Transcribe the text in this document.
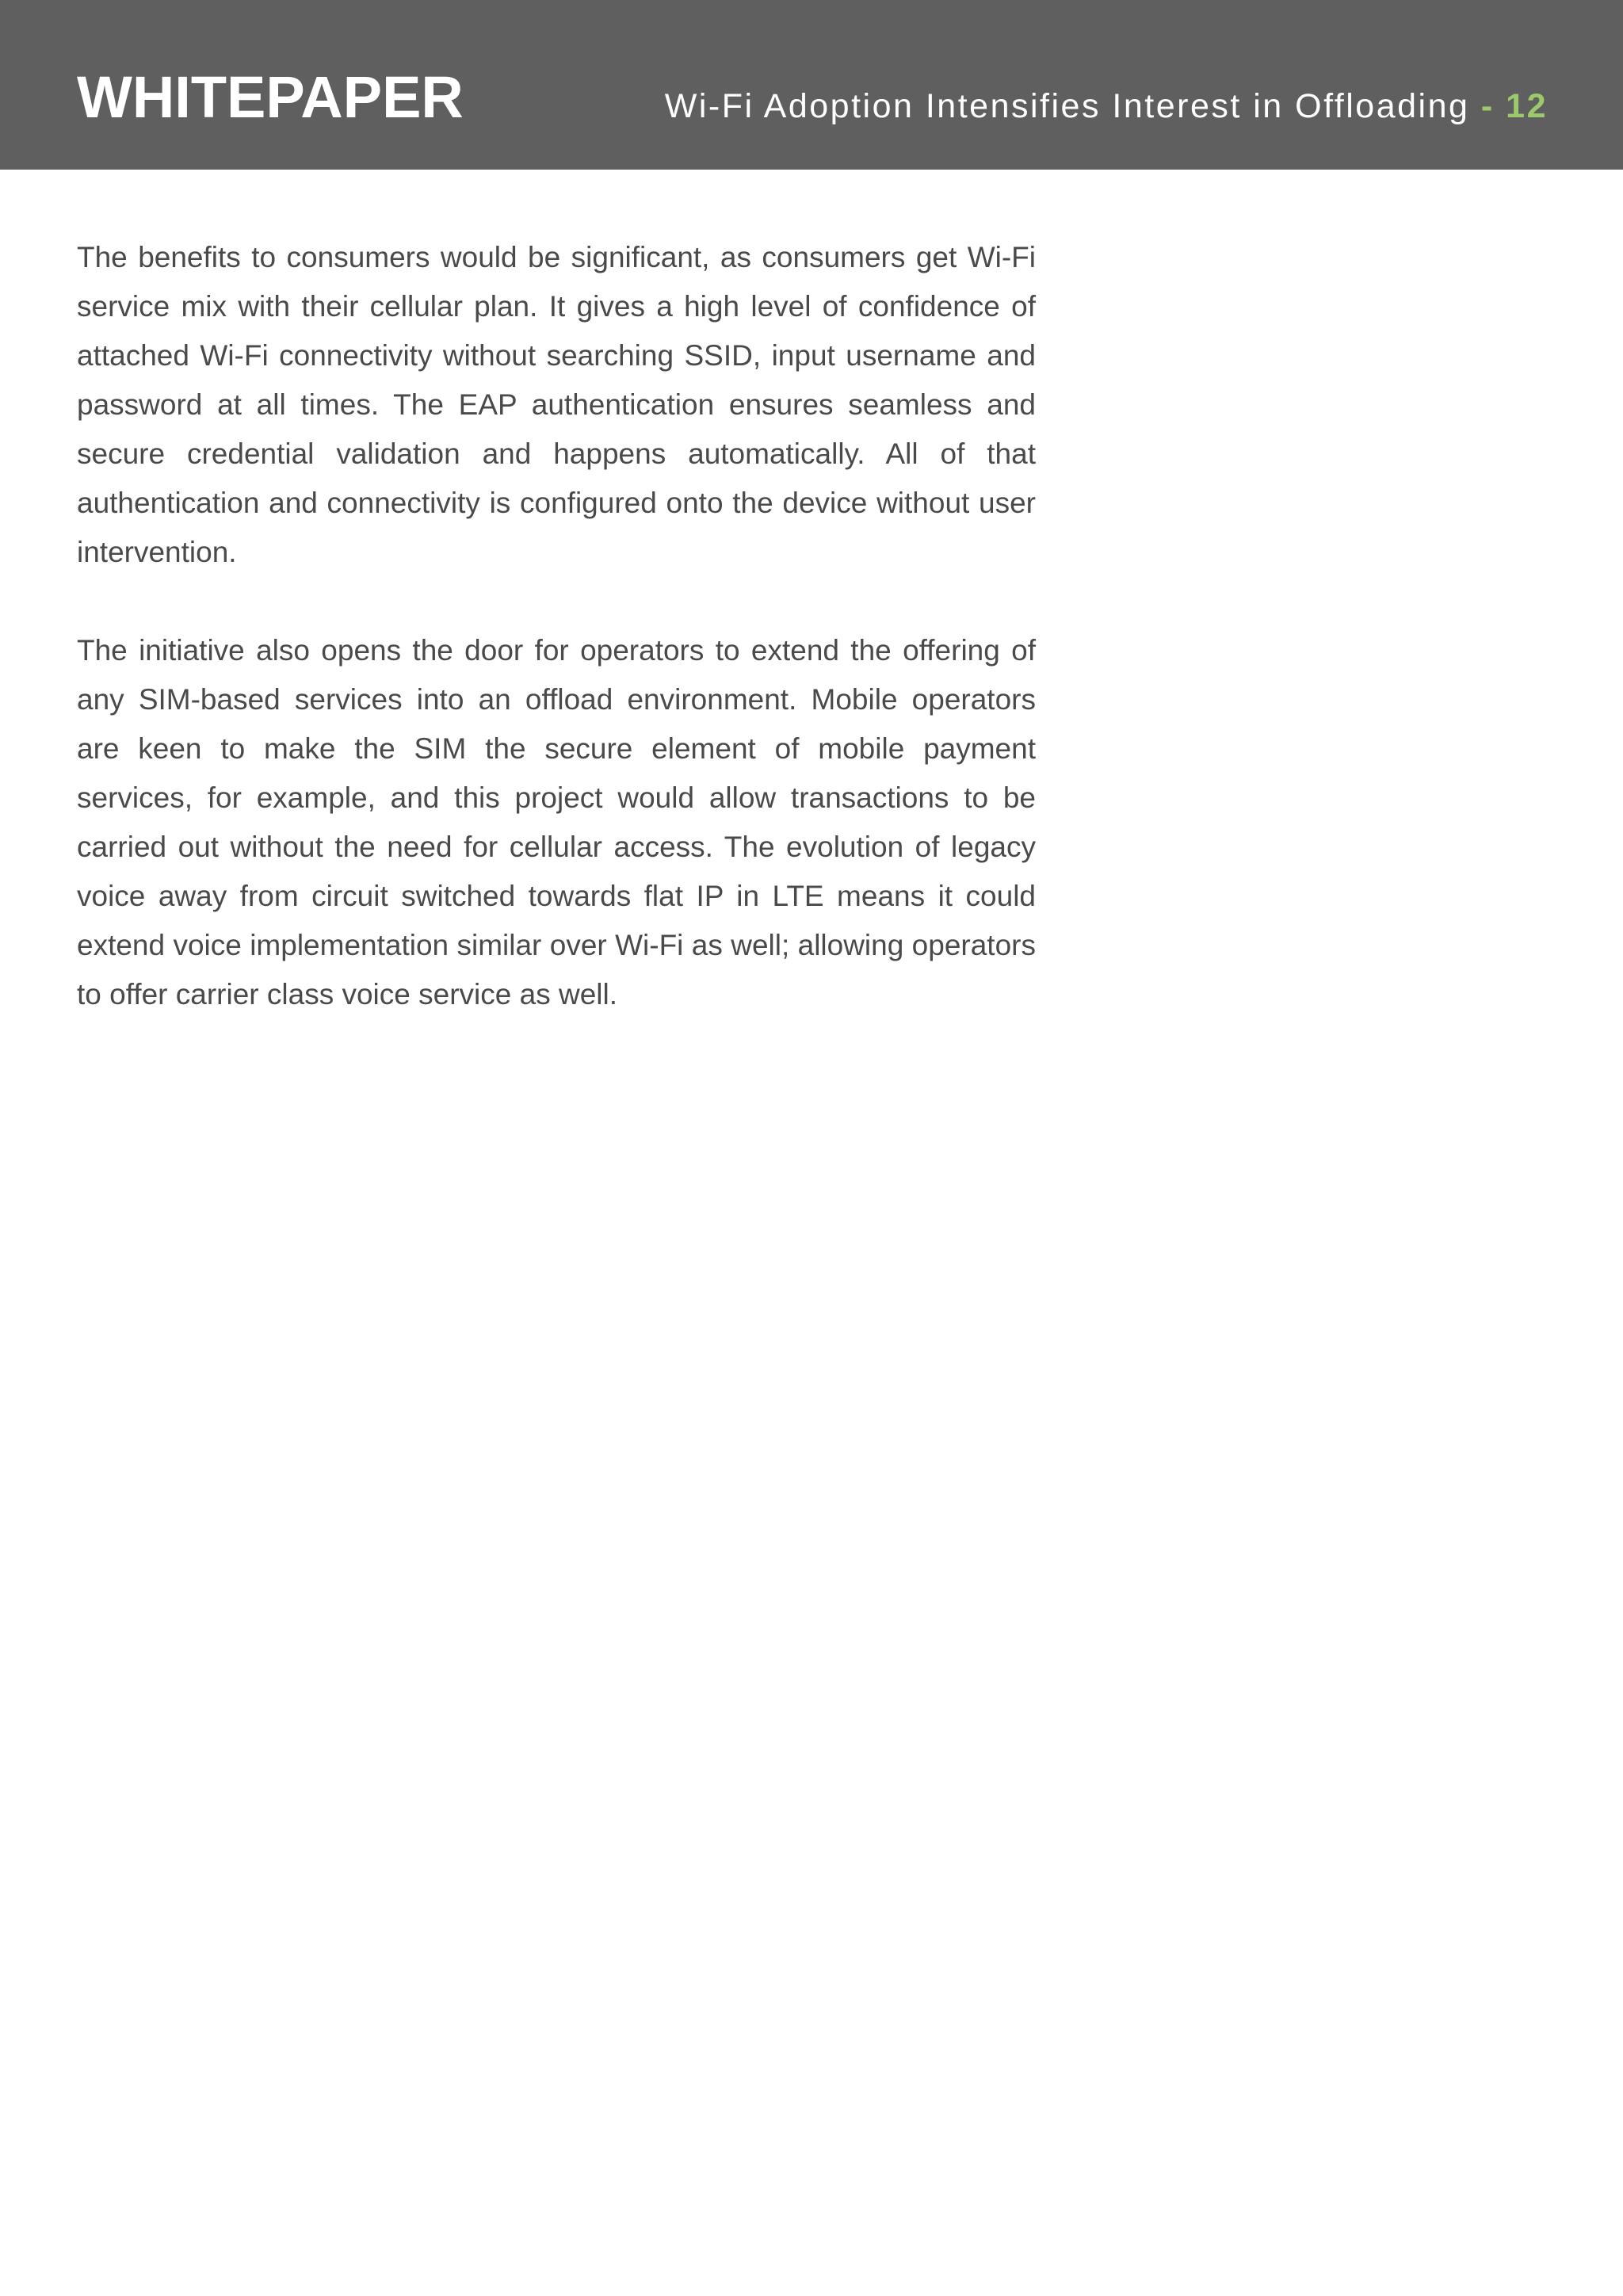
WHITEPAPER	Wi-Fi Adoption Intensifies Interest in Offloading - 12

The benefits to consumers would be significant, as consumers get Wi-Fi service mix with their cellular plan. It gives a high level of confidence of attached Wi-Fi connectivity without searching SSID, input username and password at all times. The EAP authentication ensures seamless and secure credential validation and happens automatically. All of that authentication and connectivity is configured onto the device without user intervention.

The initiative also opens the door for operators to extend the offering of any SIM-based services into an offload environment. Mobile operators are keen to make the SIM the secure element of mobile payment services, for example, and this project would allow transactions to be carried out without the need for cellular access. The evolution of legacy voice away from circuit switched towards flat IP in LTE means it could extend voice implementation similar over Wi-Fi as well; allowing operators to offer carrier class voice service as well.
